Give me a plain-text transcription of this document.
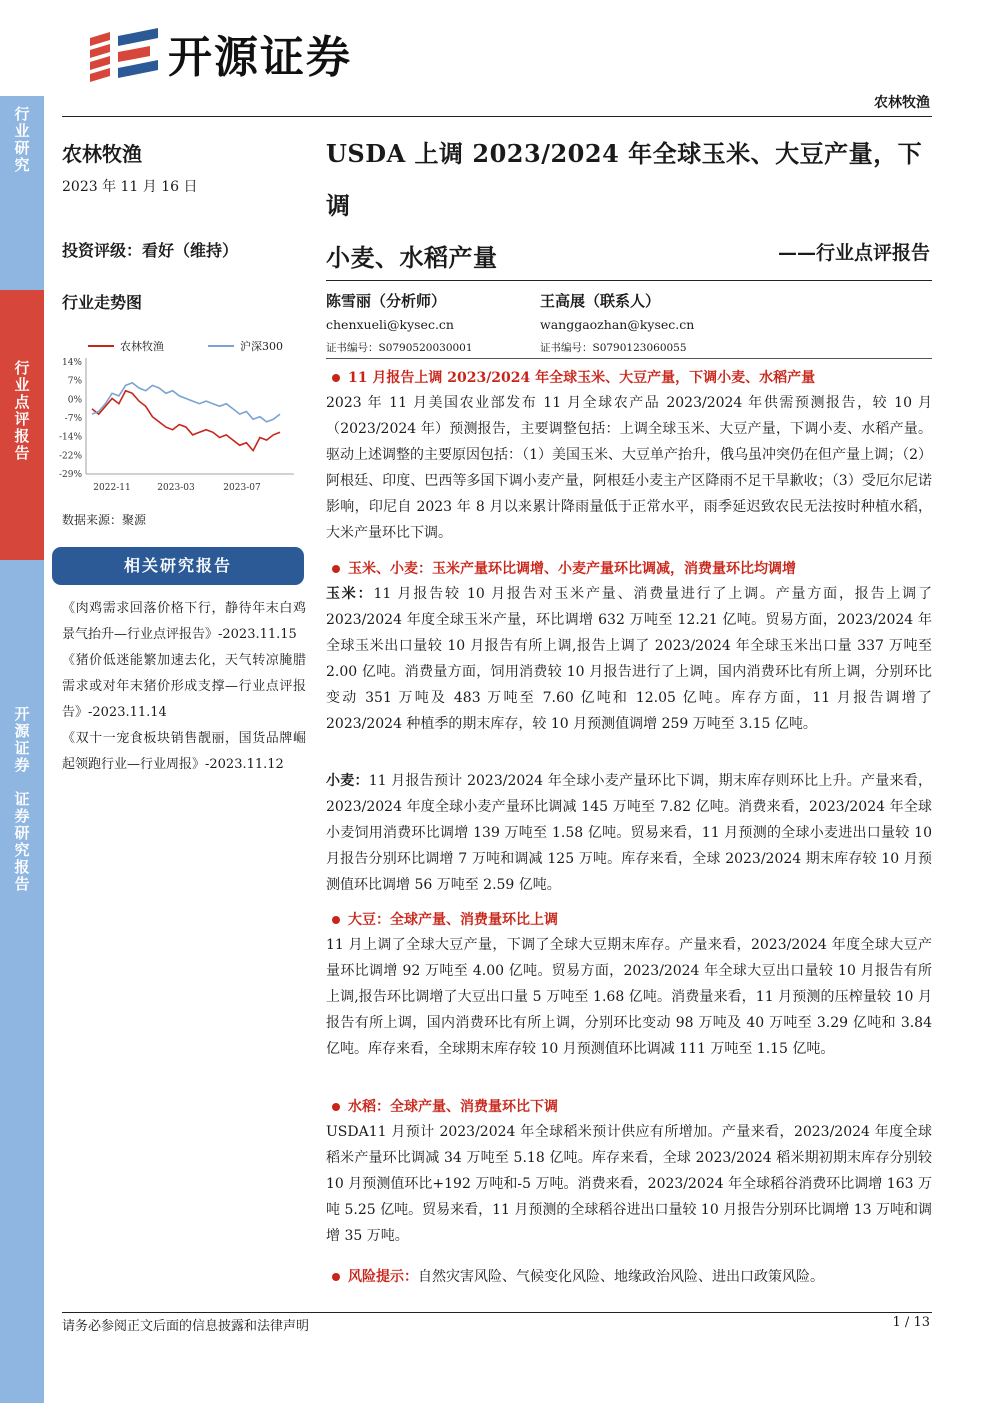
行
业
研
究
行
业
点
评
报
告
开
源
证
券

证
券
研
究
报
告
开源证券
农林牧渔
农林牧渔
2023 年 11 月 16 日
投资评级：看好（维持）
行业走势图
14%
7%
0%
-7%
-14%
-22%
-29%
2022-11	2023-03	2023-07
农林牧渔	沪深300
数据来源：聚源
相关研究报告
《肉鸡需求回落价格下行，静待年末白鸡景气抬升—行业点评报告》-2023.11.15
《猪价低迷能繁加速去化，天气转凉腌腊需求或对年末猪价形成支撑—行业点评报告》-2023.11.14
《双十一宠食板块销售靓丽，国货品牌崛起领跑行业—行业周报》-2023.11.12
USDA 上调 2023/2024 年全球玉米、大豆产量，下调
小麦、水稻产量	——行业点评报告
陈雪丽（分析师）
chenxueli@kysec.cn
证书编号：S0790520030001
王高展（联系人）
wanggaozhan@kysec.cn
证书编号：S0790123060055
11 月报告上调 2023/2024 年全球玉米、大豆产量，下调小麦、水稻产量
2023 年 11 月美国农业部发布 11 月全球农产品 2023/2024 年供需预测报告，较 10 月（2023/2024 年）预测报告，主要调整包括：上调全球玉米、大豆产量，下调小麦、水稻产量。驱动上述调整的主要原因包括：（1）美国玉米、大豆单产抬升，俄乌虽冲突仍在但产量上调；（2）阿根廷、印度、巴西等多国下调小麦产量，阿根廷小麦主产区降雨不足干旱歉收；（3）受厄尔尼诺影响，印尼自 2023 年 8 月以来累计降雨量低于正常水平，雨季延迟致农民无法按时种植水稻，大米产量环比下调。
玉米、小麦：玉米产量环比调增、小麦产量环比调减，消费量环比均调增
玉米：11 月报告较 10 月报告对玉米产量、消费量进行了上调。产量方面，报告上调了 2023/2024 年度全球玉米产量，环比调增 632 万吨至 12.21 亿吨。贸易方面，2023/2024 年全球玉米出口量较 10 月报告有所上调,报告上调了 2023/2024 年全球玉米出口量 337 万吨至 2.00 亿吨。消费量方面，饲用消费较 10 月报告进行了上调，国内消费环比有所上调，分别环比变动 351 万吨及 483 万吨至 7.60 亿吨和 12.05 亿吨。库存方面，11 月报告调增了 2023/2024 种植季的期末库存，较 10 月预测值调增 259 万吨至 3.15 亿吨。
小麦：11 月报告预计 2023/2024 年全球小麦产量环比下调，期末库存则环比上升。产量来看，2023/2024 年度全球小麦产量环比调减 145 万吨至 7.82 亿吨。消费来看，2023/2024 年全球小麦饲用消费环比调增 139 万吨至 1.58 亿吨。贸易来看，11 月预测的全球小麦进出口量较 10 月报告分别环比调增 7 万吨和调减 125 万吨。库存来看，全球 2023/2024 期末库存较 10 月预测值环比调增 56 万吨至 2.59 亿吨。
大豆：全球产量、消费量环比上调
11 月上调了全球大豆产量，下调了全球大豆期末库存。产量来看，2023/2024 年度全球大豆产量环比调增 92 万吨至 4.00 亿吨。贸易方面，2023/2024 年全球大豆出口量较 10 月报告有所上调,报告环比调增了大豆出口量 5 万吨至 1.68 亿吨。消费量来看，11 月预测的压榨量较 10 月报告有所上调，国内消费环比有所上调，分别环比变动 98 万吨及 40 万吨至 3.29 亿吨和 3.84 亿吨。库存来看，全球期末库存较 10 月预测值环比调减 111 万吨至 1.15 亿吨。
水稻：全球产量、消费量环比下调
USDA11 月预计 2023/2024 年全球稻米预计供应有所增加。产量来看，2023/2024 年度全球稻米产量环比调减 34 万吨至 5.18 亿吨。库存来看，全球 2023/2024 稻米期初期末库存分别较 10 月预测值环比+192 万吨和-5 万吨。消费来看，2023/2024 年全球稻谷消费环比调增 163 万吨 5.25 亿吨。贸易来看，11 月预测的全球稻谷进出口量较 10 月报告分别环比调增 13 万吨和调增 35 万吨。
风险提示：自然灾害风险、气候变化风险、地缘政治风险、进出口政策风险。
请务必参阅正文后面的信息披露和法律声明	1 / 13
